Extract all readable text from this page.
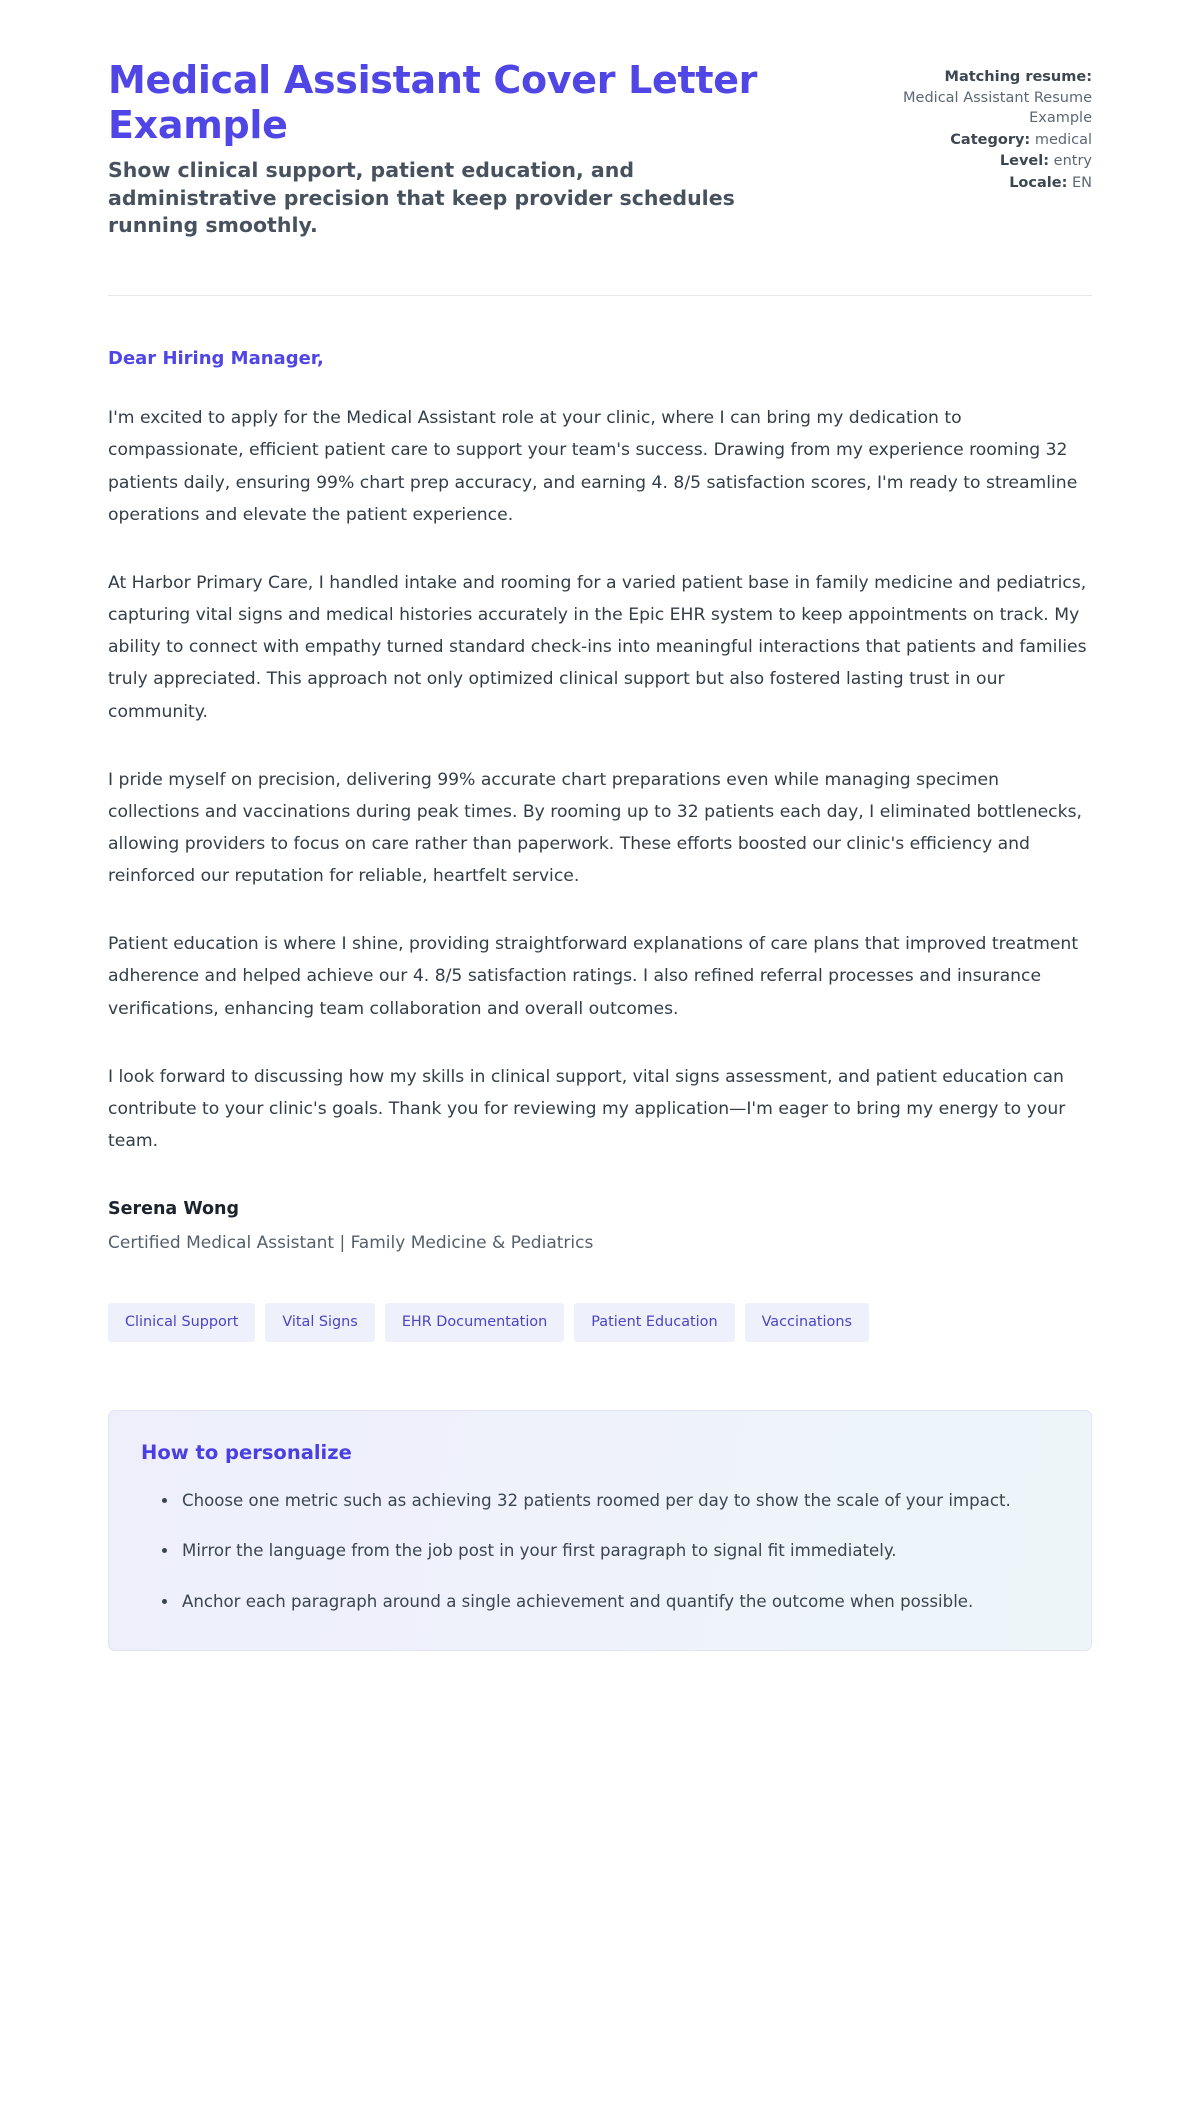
Medical Assistant Cover Letter Example

Show clinical support, patient education, and administrative precision that keep provider schedules running smoothly.

Matching resume:
Medical Assistant Resume Example
Category: medical
Level: entry
Locale: EN

Dear Hiring Manager,

I'm excited to apply for the Medical Assistant role at your clinic, where I can bring my dedication to compassionate, efficient patient care to support your team's success. Drawing from my experience rooming 32 patients daily, ensuring 99% chart prep accuracy, and earning 4. 8/5 satisfaction scores, I'm ready to streamline operations and elevate the patient experience.

At Harbor Primary Care, I handled intake and rooming for a varied patient base in family medicine and pediatrics, capturing vital signs and medical histories accurately in the Epic EHR system to keep appointments on track. My ability to connect with empathy turned standard check-ins into meaningful interactions that patients and families truly appreciated. This approach not only optimized clinical support but also fostered lasting trust in our community.

I pride myself on precision, delivering 99% accurate chart preparations even while managing specimen collections and vaccinations during peak times. By rooming up to 32 patients each day, I eliminated bottlenecks, allowing providers to focus on care rather than paperwork. These efforts boosted our clinic's efficiency and reinforced our reputation for reliable, heartfelt service.

Patient education is where I shine, providing straightforward explanations of care plans that improved treatment adherence and helped achieve our 4. 8/5 satisfaction ratings. I also refined referral processes and insurance verifications, enhancing team collaboration and overall outcomes.

I look forward to discussing how my skills in clinical support, vital signs assessment, and patient education can contribute to your clinic's goals. Thank you for reviewing my application—I'm eager to bring my energy to your team.

Serena Wong

Certified Medical Assistant | Family Medicine & Pediatrics

Clinical Support	Vital Signs	EHR Documentation	Patient Education	Vaccinations
How to personalize
Choose one metric such as achieving 32 patients roomed per day to show the scale of your impact.
Mirror the language from the job post in your first paragraph to signal fit immediately.
Anchor each paragraph around a single achievement and quantify the outcome when possible.
